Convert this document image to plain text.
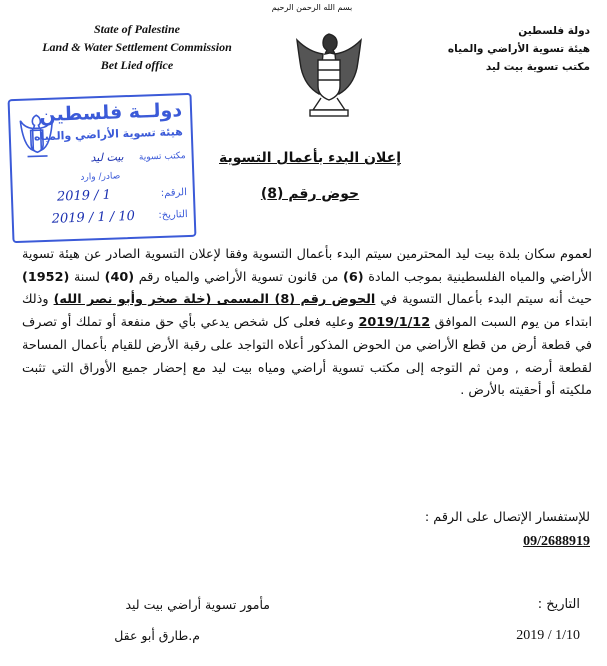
بسم الله الرحمن الرحيم
State of Palestine
Land & Water Settlement Commission
Bet Lied office
دولة فلسطين
هيئة تسوية الأراضي والمياه
مكتب تسوية بيت ليد
دولــة فلسطين
هيئة تسوية الأراضي والمياه
مكتب تسوية
بيت ليد
صادر/ وارد
الرقم:
2019 / 1
التاريخ:
2019 / 1 / 10
إعلان البدء بأعمال التسوية
حوض رقم (8)
لعموم سكان بلدة بيت ليد المحترمين سيتم البدء بأعمال التسوية وفقا لإعلان التسوية الصادر عن هيئة تسوية الأراضي والمياه الفلسطينية بموجب المادة (6) من قانون تسوية الأراضي والمياه رقم (40) لسنة (1952) حيث أنه سيتم البدء بأعمال التسوية في الحوض رقم (8) المسمى (خلة صخر وأبو نصر الله) وذلك ابتداء من يوم السبت الموافق 2019/1/12 وعليه فعلى كل شخص يدعي بأي حق منفعة أو تملك أو تصرف في قطعة أرض من قطع الأراضي من الحوض المذكور أعلاه التواجد على رقبة الأرض للقيام بأعمال المساحة لقطعة أرضه , ومن ثم التوجه إلى مكتب تسوية أراضي ومياه بيت ليد مع إحضار جميع الأوراق التي تثبت ملكيته أو أحقيته بالأرض .
للإستفسار الإتصال على الرقم :
09/2688919
التاريخ :
2019 / 1/10
مأمور تسوية أراضي بيت ليد
م.طارق أبو عقل
